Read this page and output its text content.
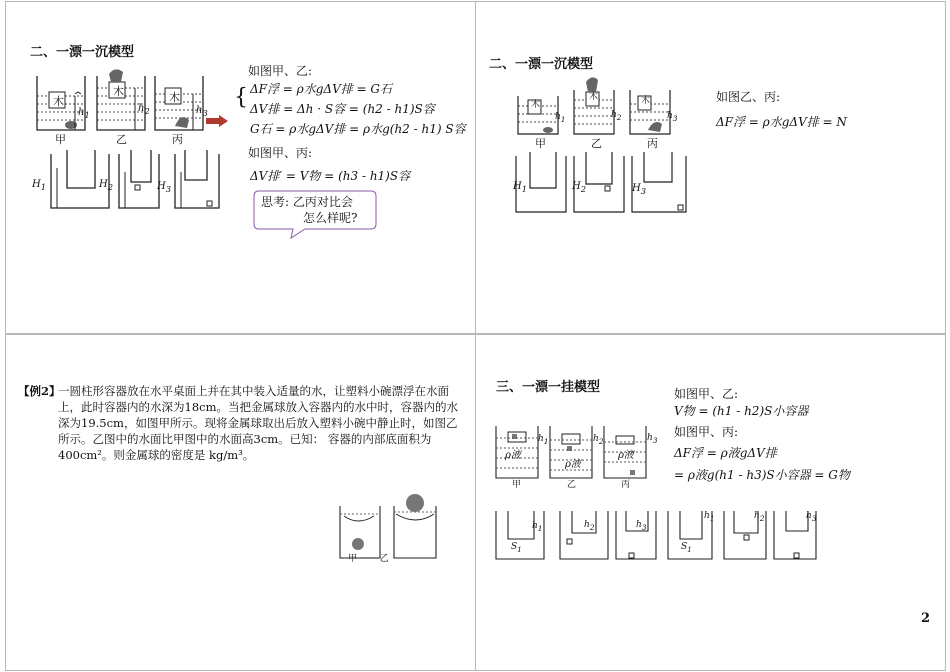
二、一漂一沉模型
木
木	木
$h_1$
$h_2$	$h_3$
甲	乙	丙
$H_1$	$H_2$	$H_3$
如图甲、乙:
{ ΔF浮 = ρ水gΔV排 = G石
ΔV排 = Δh · S容 = (h2 - h1)S容
G石 = ρ水gΔV排 = ρ水g(h2 - h1) S容
如图甲、丙:
ΔV排′ = V物 = (h3 - h1)S容
思考: 乙丙对比会
怎么样呢?
二、一漂一沉模型
$H_1$	$H_2$	$H_3$
木
木	木
$h_1$	$h_2$	$h_3$
甲	乙	丙
如图乙、丙:
ΔF浮 = ρ水gΔV排 = N
【例2】
一圆柱形容器放在水平桌面上并在其中装入适量的水，让塑料小碗漂浮在水面上，此时容器内的水深为18cm。当把金属球放入容器内的水中时，容器内的水深为19.5cm，如图甲所示。现将金属球取出后放入塑料小碗中静止时，如图乙所示。乙图中的水面比甲图中的水面高3cm。已知： 容器的内部底面积为400cm²。则金属球的密度是 kg/m³。
甲 ······ 乙
三、一漂一挂模型
$h_1$	$h_2$	$h_3$
ρ液
ρ液
ρ液
甲	乙	丙
$h_1$	$h_2$	$h_3$
$S_1$	$S_1$
$h_1$	$h_2$	$h_3$
如图甲、乙:
V物 = (h1 - h2)S小容器
如图甲、丙:
ΔF浮 = ρ液gΔV排
= ρ液g(h1 - h3)S小容器 = G物
2
